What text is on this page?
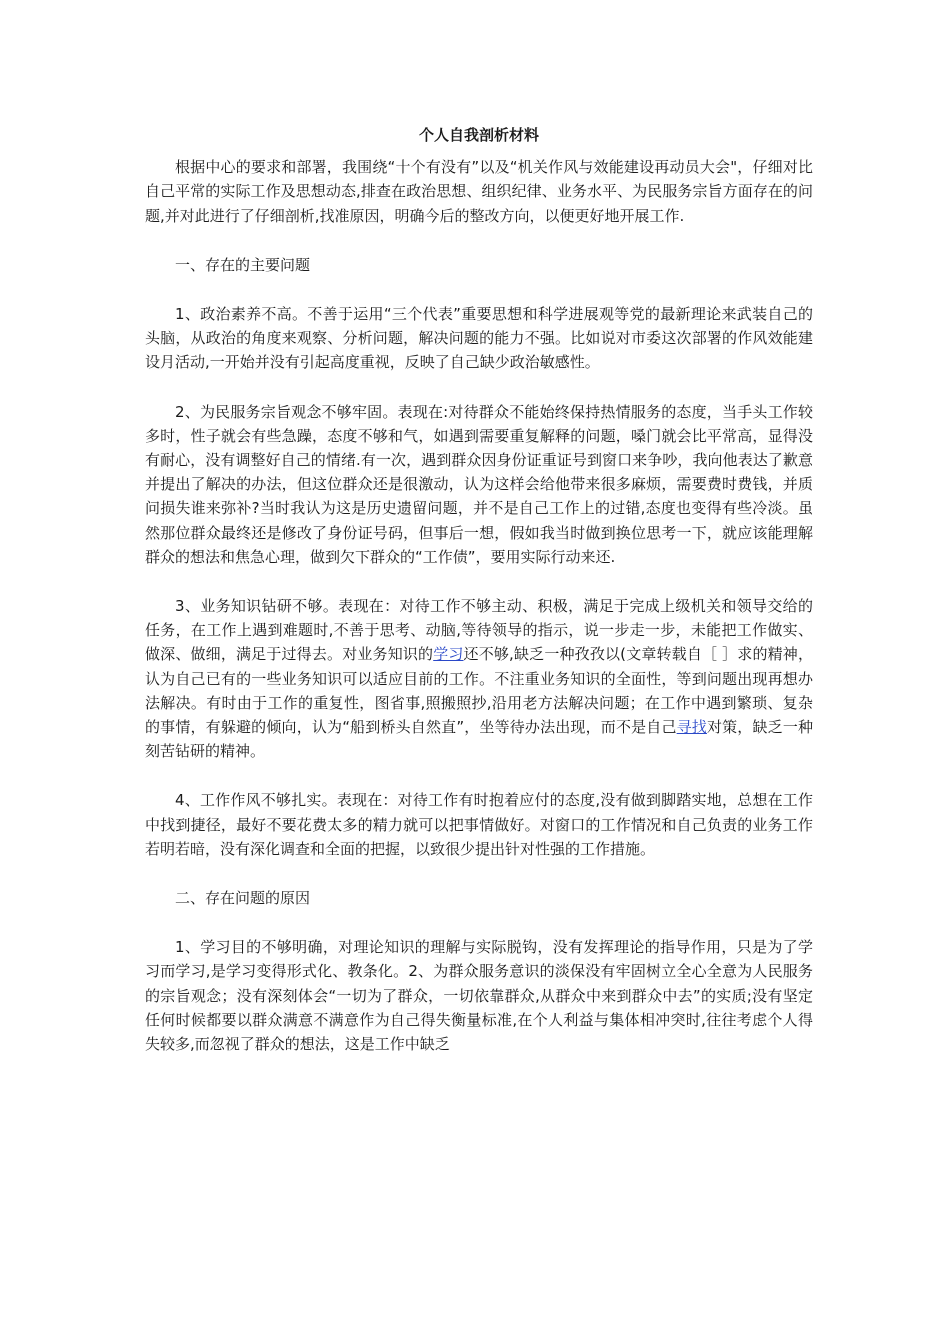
个人自我剖析材料

根据中心的要求和部署，我围绕“十个有没有”以及“机关作风与效能建设再动员大会"，仔细对比自己平常的实际工作及思想动态,排查在政治思想、组织纪律、业务水平、为民服务宗旨方面存在的问题,并对此进行了仔细剖析,找准原因，明确今后的整改方向，以便更好地开展工作.

一、存在的主要问题

1、政治素养不高。不善于运用“三个代表”重要思想和科学进展观等党的最新理论来武装自己的头脑，从政治的角度来观察、分析问题，解决问题的能力不强。比如说对市委这次部署的作风效能建设月活动,一开始并没有引起高度重视，反映了自己缺少政治敏感性。

2、为民服务宗旨观念不够牢固。表现在:对待群众不能始终保持热情服务的态度，当手头工作较多时，性子就会有些急躁，态度不够和气，如遇到需要重复解释的问题，嗓门就会比平常高，显得没有耐心，没有调整好自己的情绪.有一次，遇到群众因身份证重证号到窗口来争吵，我向他表达了歉意并提出了解决的办法，但这位群众还是很激动，认为这样会给他带来很多麻烦，需要费时费钱，并质问损失谁来弥补?当时我认为这是历史遗留问题，并不是自己工作上的过错,态度也变得有些冷淡。虽然那位群众最终还是修改了身份证号码，但事后一想，假如我当时做到换位思考一下，就应该能理解群众的想法和焦急心理，做到欠下群众的“工作债”，要用实际行动来还.

3、业务知识钻研不够。表现在：对待工作不够主动、积极，满足于完成上级机关和领导交给的任务，在工作上遇到难题时,不善于思考、动脑,等待领导的指示，说一步走一步，未能把工作做实、做深、做细，满足于过得去。对业务知识的学习还不够,缺乏一种孜孜以(文章转载自［ ］求的精神，认为自己已有的一些业务知识可以适应目前的工作。不注重业务知识的全面性，等到问题出现再想办法解决。有时由于工作的重复性，图省事,照搬照抄,沿用老方法解决问题；在工作中遇到繁琐、复杂的事情，有躲避的倾向，认为“船到桥头自然直”，坐等待办法出现，而不是自己寻找对策，缺乏一种刻苦钻研的精神。

4、工作作风不够扎实。表现在：对待工作有时抱着应付的态度,没有做到脚踏实地，总想在工作中找到捷径，最好不要花费太多的精力就可以把事情做好。对窗口的工作情况和自己负责的业务工作若明若暗，没有深化调查和全面的把握，以致很少提出针对性强的工作措施。

二、存在问题的原因

1、学习目的不够明确，对理论知识的理解与实际脱钩，没有发挥理论的指导作用，只是为了学习而学习,是学习变得形式化、教条化。2、为群众服务意识的淡保没有牢固树立全心全意为人民服务的宗旨观念；没有深刻体会“一切为了群众，一切依靠群众,从群众中来到群众中去”的实质;没有坚定任何时候都要以群众满意不满意作为自己得失衡量标准,在个人利益与集体相冲突时,往往考虑个人得失较多,而忽视了群众的想法，这是工作中缺乏
